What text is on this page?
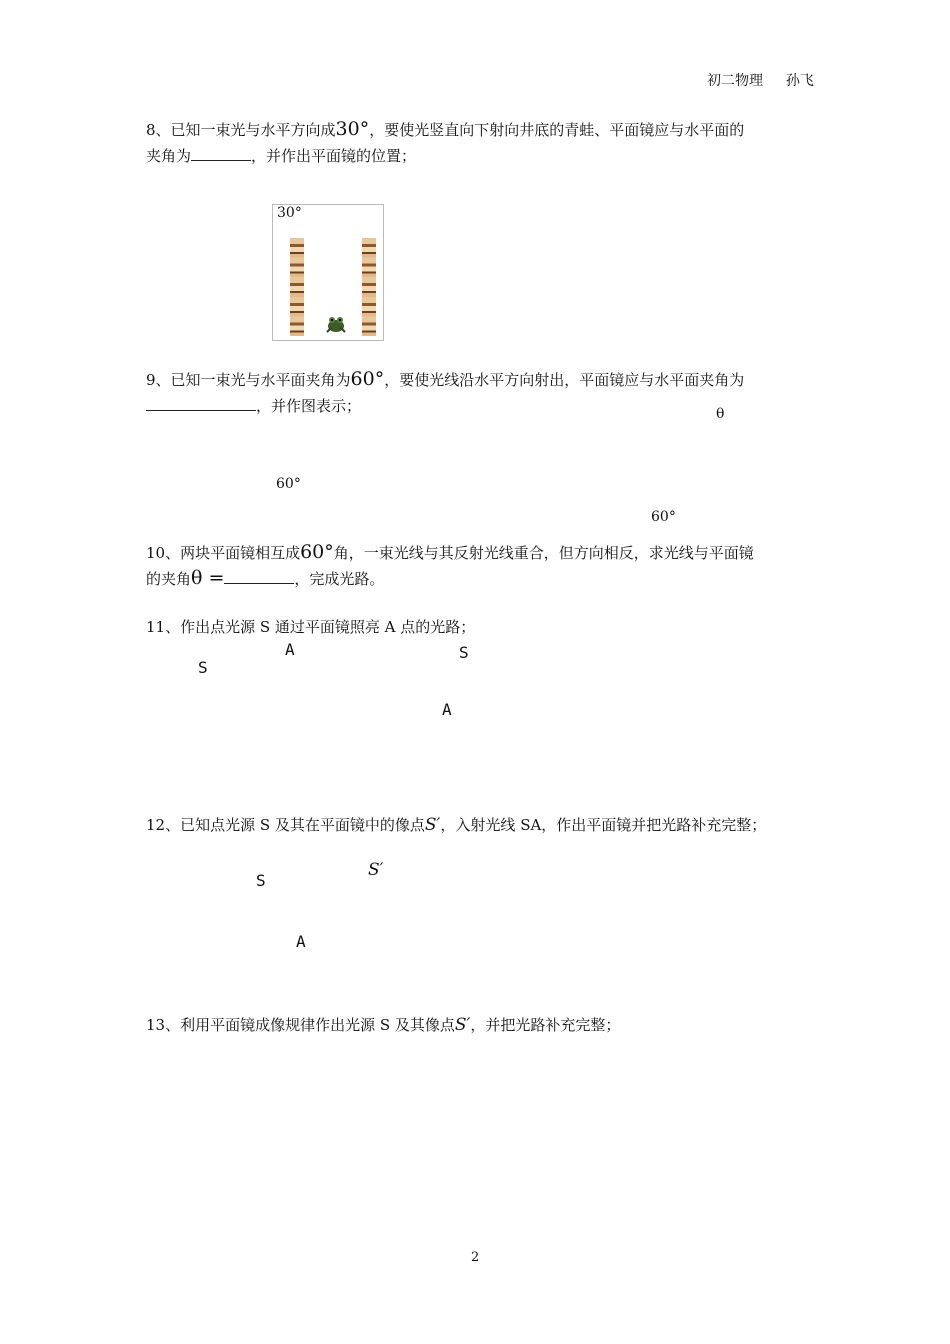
初二物理 孙飞
8、已知一束光与水平方向成30°，要使光竖直向下射向井底的青蛙、平面镜应与水平面的
夹角为	，并作出平面镜的位置；
30°
9、已知一束光与水平面夹角为60°，要使光线沿水平方向射出，平面镜应与水平面夹角为
，并作图表示；	θ
60°
60°
10、两块平面镜相互成60°角，一束光线与其反射光线重合，但方向相反，求光线与平面镜
的夹角θ =	，完成光路。
11、作出点光源 S 通过平面镜照亮 A 点的光路；
A
S
S
A
12、已知点光源 S 及其在平面镜中的像点S′，入射光线 SA，作出平面镜并把光路补充完整；
S
S′
A
13、利用平面镜成像规律作出光源 S 及其像点S′，并把光路补充完整；
2
